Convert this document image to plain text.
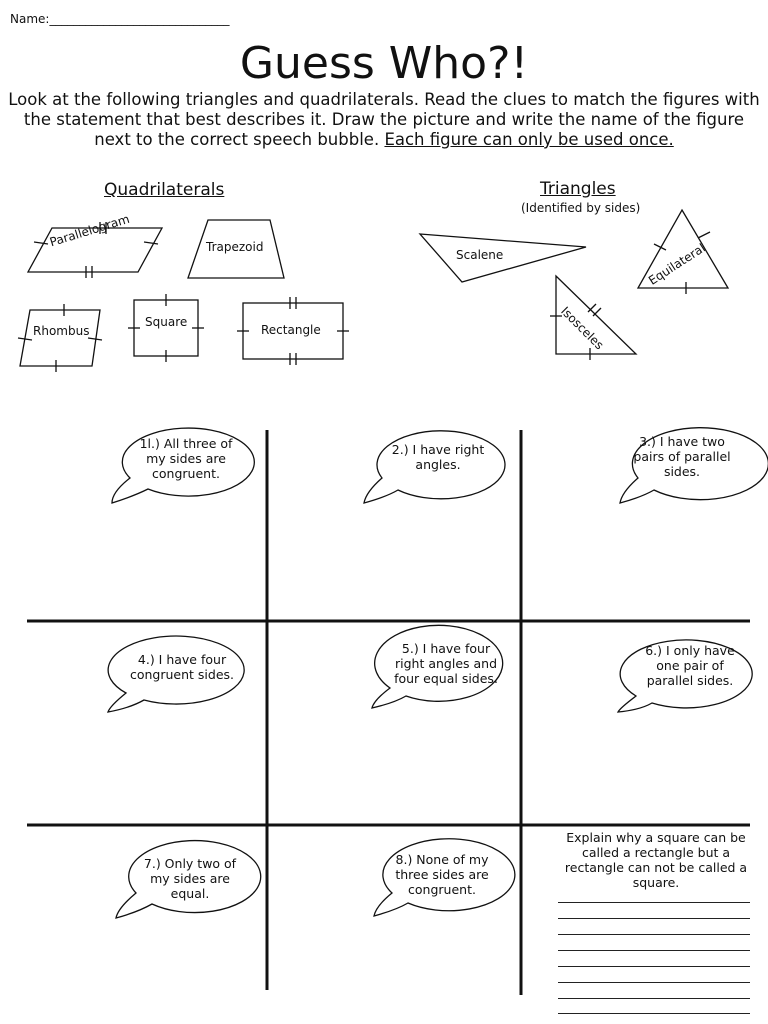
Name:______________________________
Guess Who?!
Look at the following triangles and quadrilaterals. Read the clues to match the figures with the statement that best describes it. Draw the picture and write the name of the figure next to the correct speech bubble. Each figure can only be used once.
Quadrilaterals	Triangles
(Identified by sides)
Parallelogram	Trapezoid
Rhombus
Square
Rectangle
Scalene	Equilateral
Isosceles
1l.) All three of my sides are congruent.
2.) I have right angles.
3.) I have two pairs of parallel sides.
4.) I have four congruent sides.
5.) I have four right angles and four equal sides.
6.) I only have one pair of parallel sides.
7.) Only two of my sides are equal.
8.) None of my three sides are congruent.
Explain why a square can be called a rectangle but a rectangle can not be called a square.
